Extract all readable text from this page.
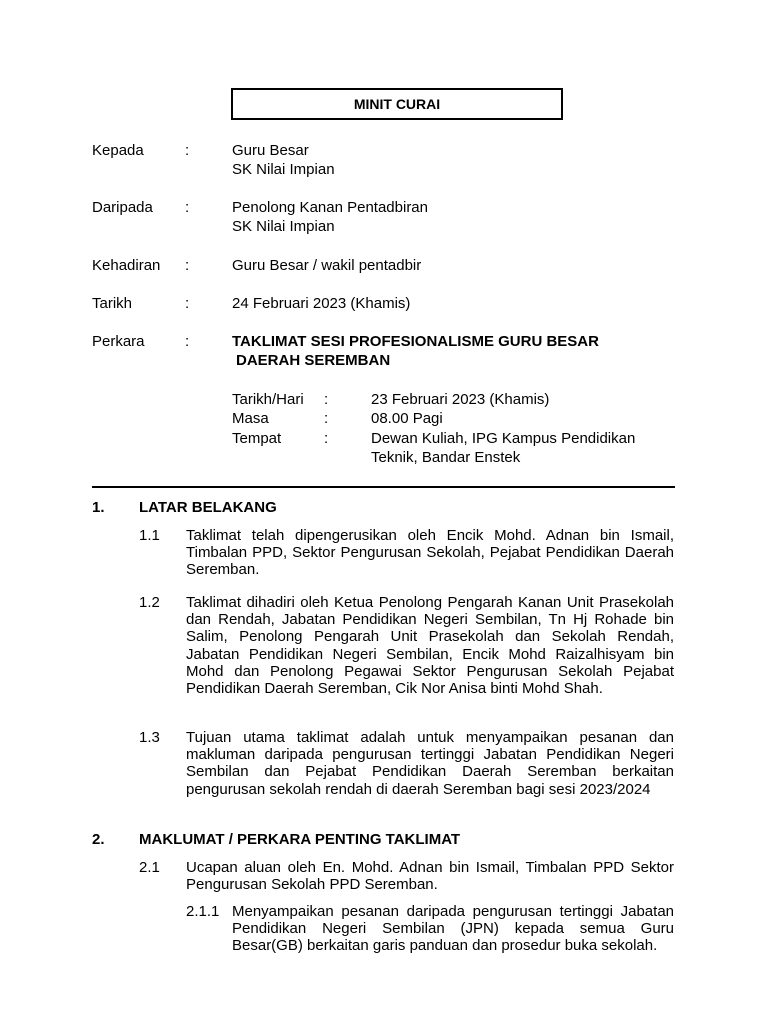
MINIT CURAI
Kepada	:	Guru Besar
SK Nilai Impian
Daripada :	Penolong Kanan Pentadbiran
SK Nilai Impian
Kehadiran :	Guru Besar / wakil pentadbir
Tarikh	:	24 Februari 2023 (Khamis)
Perkara	:	TAKLIMAT SESI PROFESIONALISME GURU BESAR
DAERAH SEREMBAN
Tarikh/Hari :	23 Februari 2023 (Khamis)
Masa	:	08.00 Pagi
Tempat	:	Dewan Kuliah, IPG Kampus Pendidikan
Teknik, Bandar Enstek
1. LATAR BELAKANG
1.1 Taklimat telah dipengerusikan oleh Encik Mohd. Adnan bin Ismail, Timbalan PPD, Sektor Pengurusan Sekolah, Pejabat Pendidikan Daerah Seremban.
1.2 Taklimat dihadiri oleh Ketua Penolong Pengarah Kanan Unit Prasekolah dan Rendah, Jabatan Pendidikan Negeri Sembilan, Tn Hj Rohade bin Salim, Penolong Pengarah Unit Prasekolah dan Sekolah Rendah, Jabatan Pendidikan Negeri Sembilan, Encik Mohd Raizalhisyam bin Mohd dan Penolong Pegawai Sektor Pengurusan Sekolah Pejabat Pendidikan Daerah Seremban, Cik Nor Anisa binti Mohd Shah.
1.3 Tujuan utama taklimat adalah untuk menyampaikan pesanan dan makluman daripada pengurusan tertinggi Jabatan Pendidikan Negeri Sembilan dan Pejabat Pendidikan Daerah Seremban berkaitan pengurusan sekolah rendah di daerah Seremban bagi sesi 2023/2024
2. MAKLUMAT / PERKARA PENTING TAKLIMAT
2.1 Ucapan aluan oleh En. Mohd. Adnan bin Ismail, Timbalan PPD Sektor Pengurusan Sekolah PPD Seremban.
2.1.1 Menyampaikan pesanan daripada pengurusan tertinggi Jabatan Pendidikan Negeri Sembilan (JPN) kepada semua Guru Besar(GB) berkaitan garis panduan dan prosedur buka sekolah.
